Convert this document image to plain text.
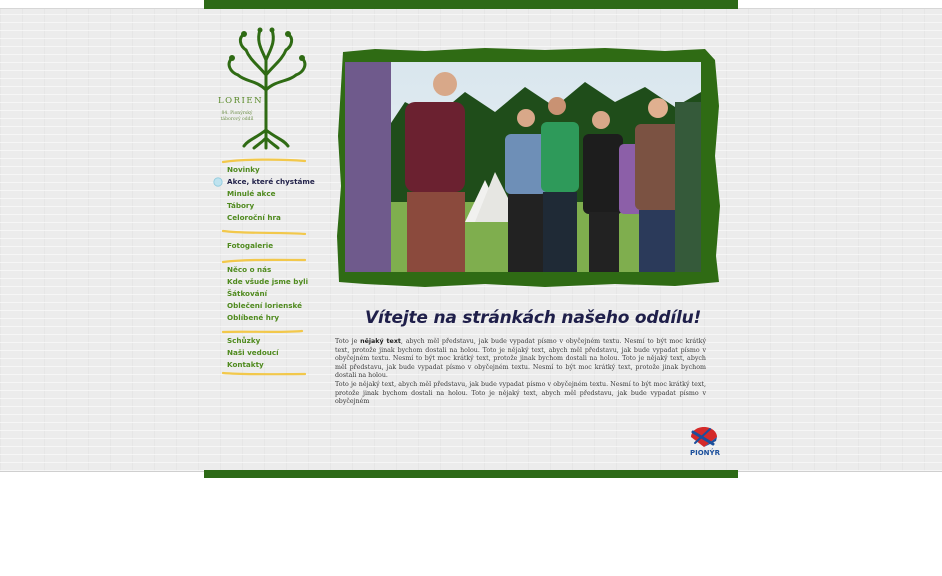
LORIEN
84. Pionýrský táborový oddíl
Novinky
Akce, které chystáme
Minulé akce
Tábory
Celoroční hra
Fotogalerie
Něco o nás
Kde všude jsme byli
Šátkování
Oblečení lorienské
Oblíbené hry
Schůzky
Naši vedoucí
Kontakty
Vítejte na stránkách našeho oddílu!

Toto je nějaký text, abych měl představu, jak bude vypadat písmo v obyčejném textu. Nesmí to být moc krátký text, protože jinak bychom dostali na holou. Toto je nějaký text, abych měl představu, jak bude vypadat písmo v obyčejném textu. Nesmí to být moc krátký text, protože jinak bychom dostali na holou. Toto je nějaký text, abych měl představu, jak bude vypadat písmo v obyčejném textu. Nesmí to být moc krátký text, protože jinak bychom dostali na holou.

Toto je nějaký text, abych měl představu, jak bude vypadat písmo v obyčejném textu. Nesmí to být moc krátký text, protože jinak bychom dostali na holou. Toto je nějaký text, abych měl představu, jak bude vypadat písmo v obyčejném

PIONÝR
